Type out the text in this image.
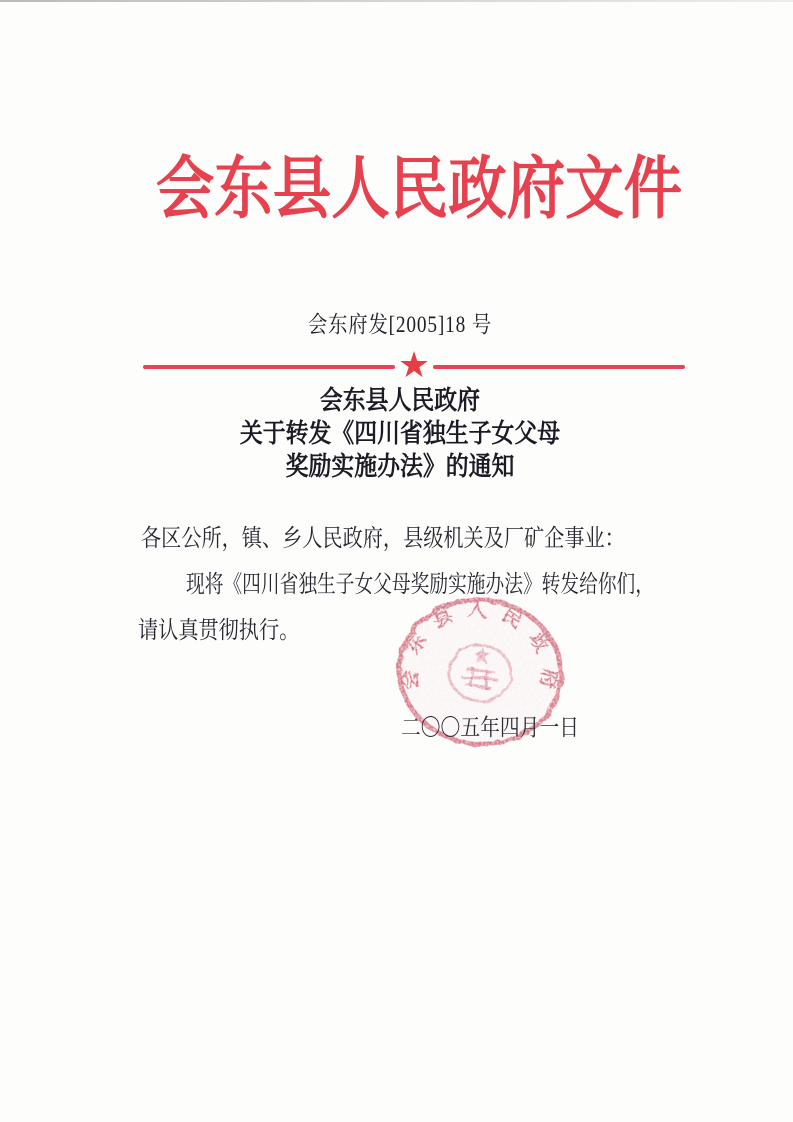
会东县人民政府文件
会东府发[2005]18 号
★
会东县人民政府
关于转发《四川省独生子女父母
奖励实施办法》的通知
各区公所，镇、乡人民政府，县级机关及厂矿企事业：
现将《四川省独生子女父母奖励实施办法》转发给你们，
请认真贯彻执行。
会东县人民政府
二〇〇五年四月一日
